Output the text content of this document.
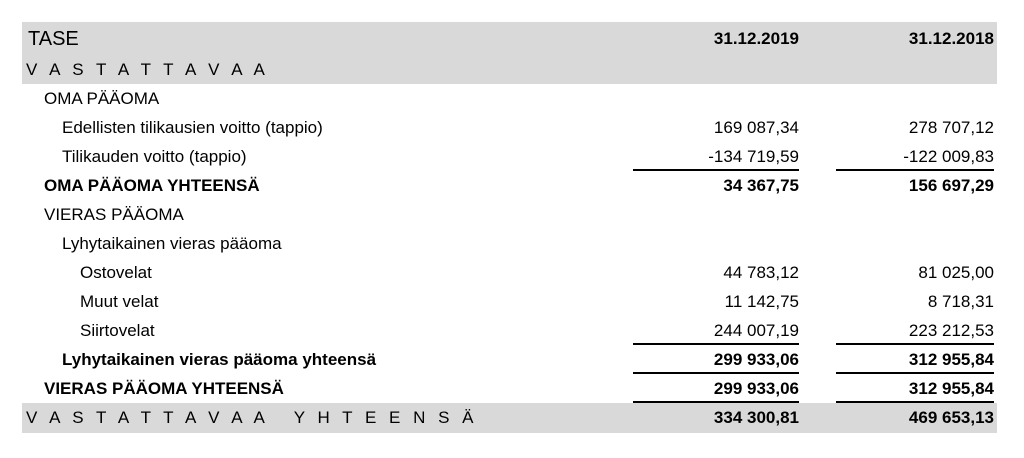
TASE	31.12.2019	31.12.2018
V A S T A T T A V A A
OMA PÄÄOMA
Edellisten tilikausien voitto (tappio)	169 087,34	278 707,12
Tilikauden voitto (tappio)	-134 719,59	-122 009,83
OMA PÄÄOMA YHTEENSÄ	34 367,75	156 697,29
VIERAS PÄÄOMA
Lyhytaikainen vieras pääoma
Ostovelat	44 783,12	81 025,00
Muut velat	11 142,75	8 718,31
Siirtovelat	244 007,19	223 212,53
Lyhytaikainen vieras pääoma yhteensä	299 933,06	312 955,84
VIERAS PÄÄOMA YHTEENSÄ	299 933,06	312 955,84
V A S T A T T A V A A   Y H T E E N S Ä	334 300,81	469 653,13
